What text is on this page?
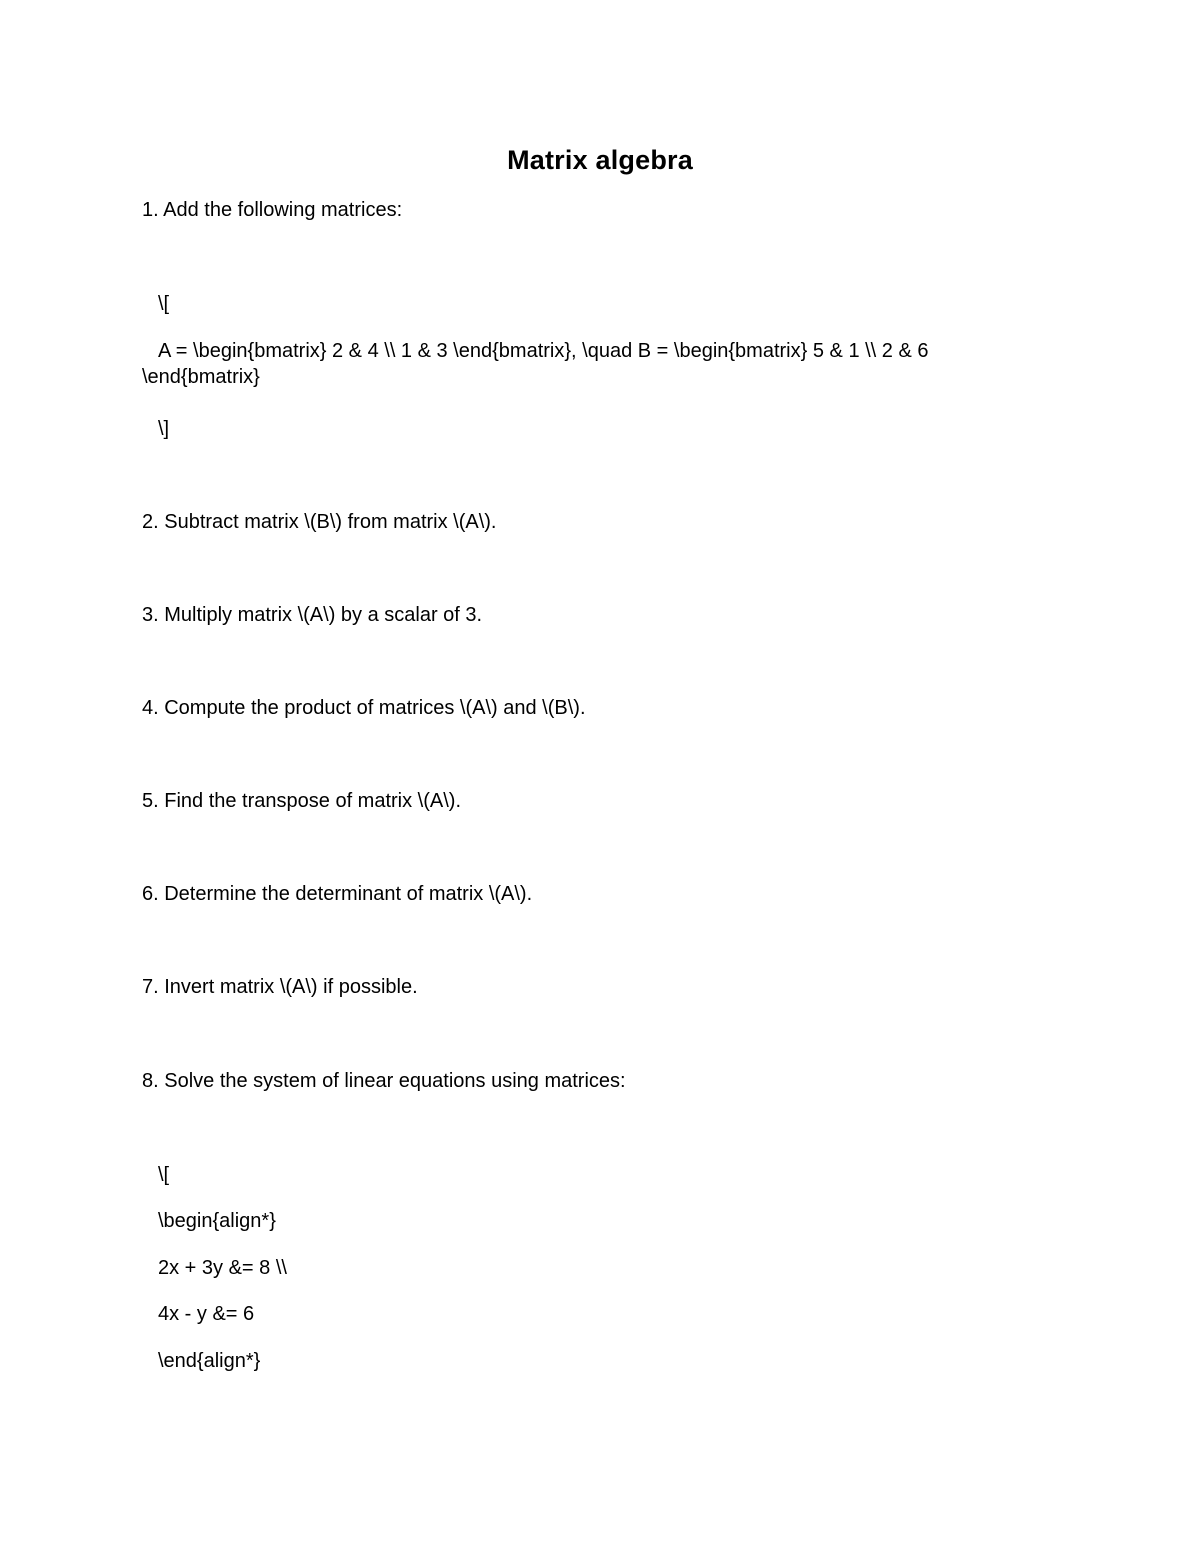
Matrix algebra
1. Add the following matrices:
\[
A = \begin{bmatrix} 2 & 4 \\ 1 & 3 \end{bmatrix}, \quad B = \begin{bmatrix} 5 & 1 \\ 2 & 6 \end{bmatrix}
\]
2. Subtract matrix \(B\) from matrix \(A\).
3. Multiply matrix \(A\) by a scalar of 3.
4. Compute the product of matrices \(A\) and \(B\).
5. Find the transpose of matrix \(A\).
6. Determine the determinant of matrix \(A\).
7. Invert matrix \(A\) if possible.
8. Solve the system of linear equations using matrices:
\[
\begin{align*}
2x + 3y &= 8 \\
4x - y &= 6
\end{align*}
